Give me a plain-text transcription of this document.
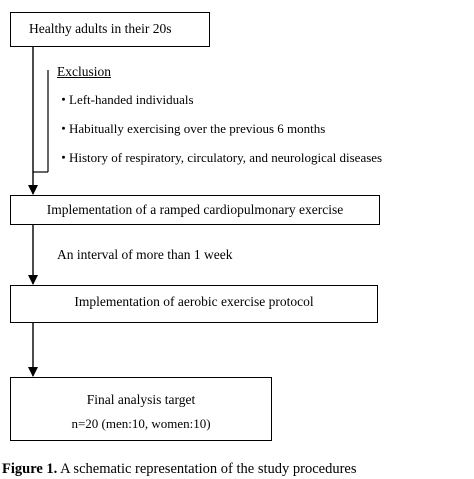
Healthy adults in their 20s
Exclusion
・
Left-handed individuals
・
Habitually exercising over the previous 6 months
・
History of respiratory, circulatory, and neurological diseases
Implementation of a ramped cardiopulmonary exercise
An interval of more than 1 week
Implementation of aerobic exercise protocol
Final analysis target
n=20 (men:10, women:10)
Figure 1. A schematic representation of the study procedures
